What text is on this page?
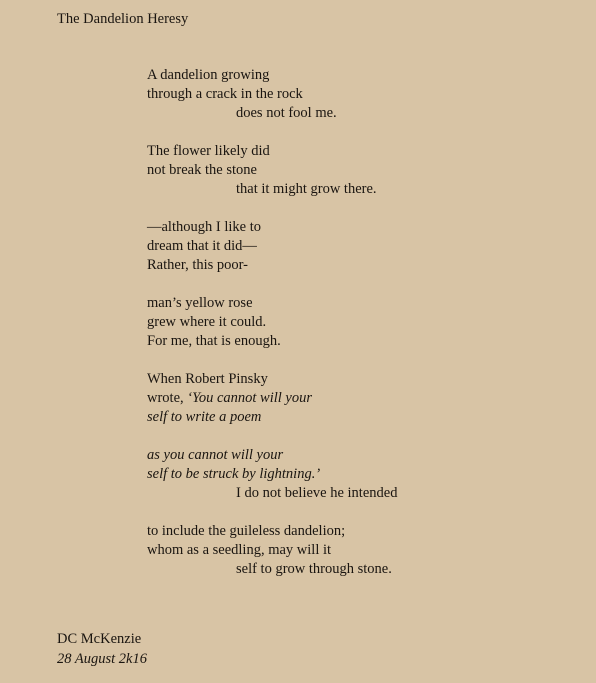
The Dandelion Heresy
A dandelion growing
through a crack in the rock
does not fool me.
The flower likely did
not break the stone
that it might grow there.
—although I like to
dream that it did—
Rather, this poor-
man’s yellow rose
grew where it could.
For me, that is enough.
When Robert Pinsky
wrote, ‘You cannot will your
self to write a poem
as you cannot will your
self to be struck by lightning.’
I do not believe he intended
to include the guileless dandelion;
whom as a seedling, may will it
self to grow through stone.
DC McKenzie
28 August 2k16
